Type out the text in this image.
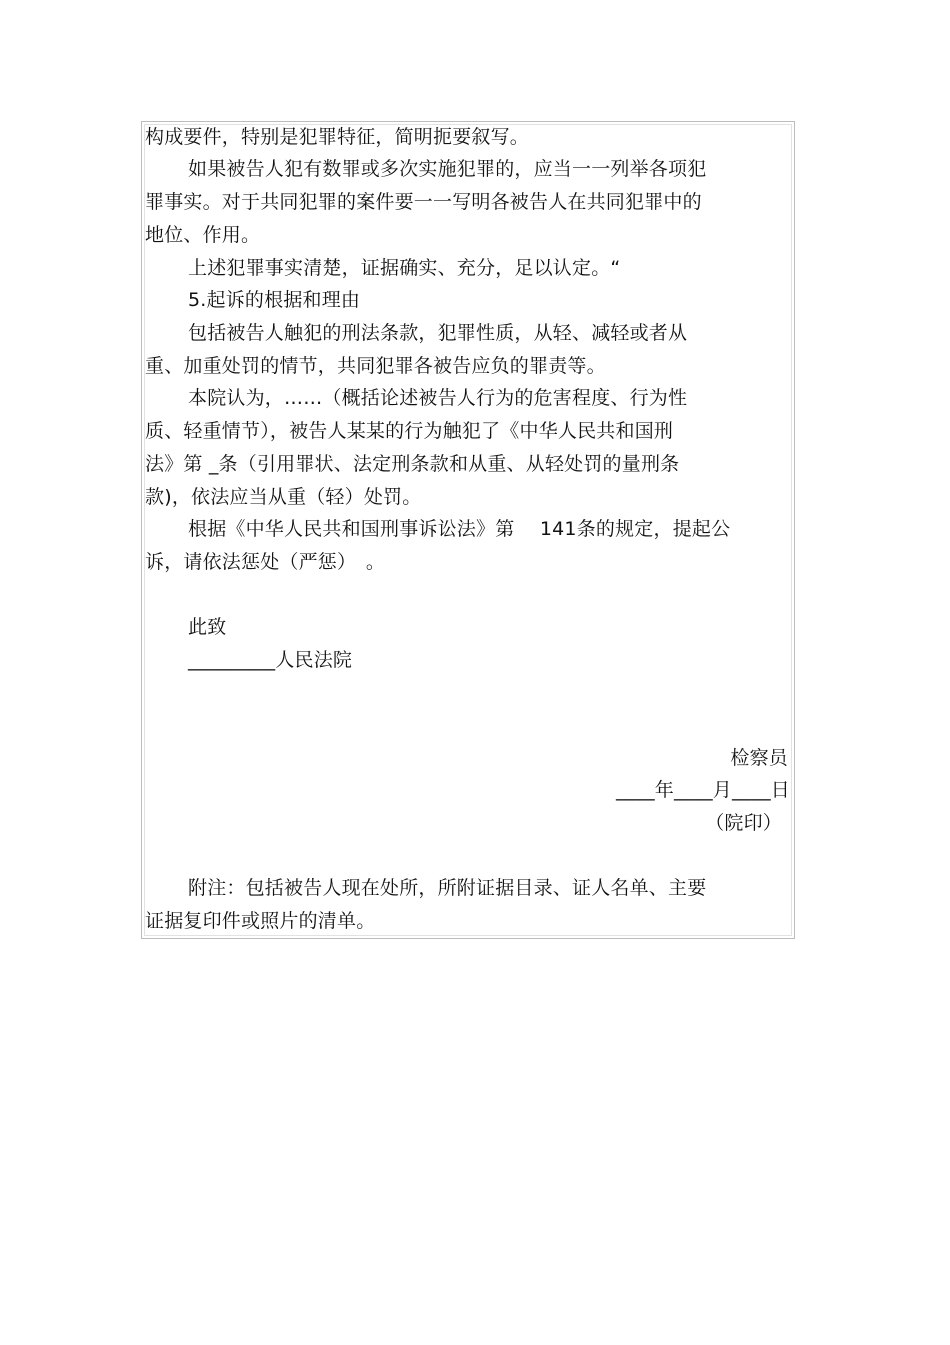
构成要件，特别是犯罪特征，简明扼要叙写。
如果被告人犯有数罪或多次实施犯罪的，应当一一列举各项犯
罪事实。对于共同犯罪的案件要一一写明各被告人在共同犯罪中的
地位、作用。
上述犯罪事实清楚，证据确实、充分，足以认定。“
5.起诉的根据和理由
包括被告人触犯的刑法条款，犯罪性质，从轻、减轻或者从
重、加重处罚的情节，共同犯罪各被告应负的罪责等。
本院认为，……（概括论述被告人行为的危害程度、行为性
质、轻重情节），被告人某某的行为触犯了《中华人民共和国刑
法》第 _条（引用罪状、法定刑条款和从重、从轻处罚的量刑条
款)，依法应当从重（轻）处罚。
根据《中华人民共和国刑事诉讼法》第　 141条的规定，提起公
诉，请依法惩处（严惩）　。
此致
_________人民法院
检察员
____年____月____日
（院印）
附注：包括被告人现在处所，所附证据目录、证人名单、主要
证据复印件或照片的清单。
